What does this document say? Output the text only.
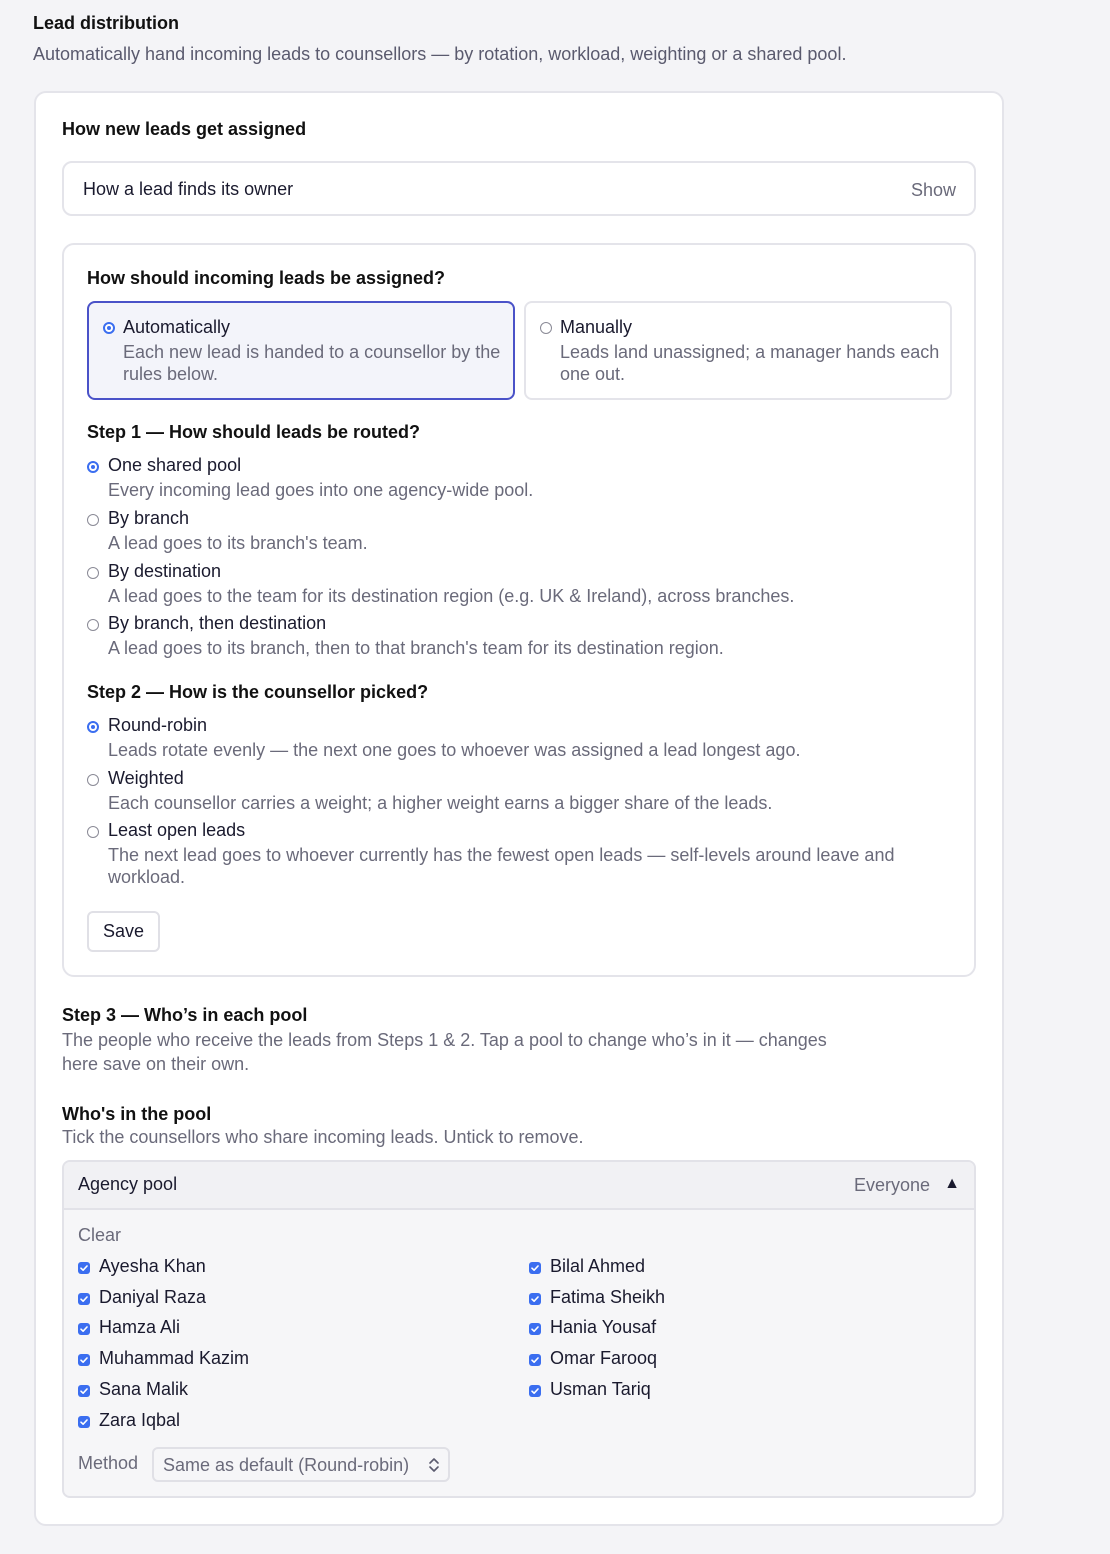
Lead distribution
Automatically hand incoming leads to counsellors — by rotation, workload, weighting or a shared pool.
How new leads get assigned
How a lead finds its owner	Show
How should incoming leads be assigned?
Automatically
Each new lead is handed to a counsellor by the rules below.
Manually
Leads land unassigned; a manager hands each one out.
Step 1 — How should leads be routed?
One shared pool
Every incoming lead goes into one agency-wide pool.
By branch
A lead goes to its branch's team.
By destination
A lead goes to the team for its destination region (e.g. UK & Ireland), across branches.
By branch, then destination
A lead goes to its branch, then to that branch's team for its destination region.
Step 2 — How is the counsellor picked?
Round-robin
Leads rotate evenly — the next one goes to whoever was assigned a lead longest ago.
Weighted
Each counsellor carries a weight; a higher weight earns a bigger share of the leads.
Least open leads
The next lead goes to whoever currently has the fewest open leads — self-levels around leave and workload.
Save
Step 3 — Who’s in each pool
The people who receive the leads from Steps 1 & 2. Tap a pool to change who’s in it — changes here save on their own.
Who's in the pool
Tick the counsellors who share incoming leads. Untick to remove.
Agency pool	Everyone ▲
Clear
Ayesha Khan	Bilal Ahmed
Daniyal Raza	Fatima Sheikh
Hamza Ali	Hania Yousaf
Muhammad Kazim	Omar Farooq
Sana Malik	Usman Tariq
Zara Iqbal
Method Same as default (Round-robin)
